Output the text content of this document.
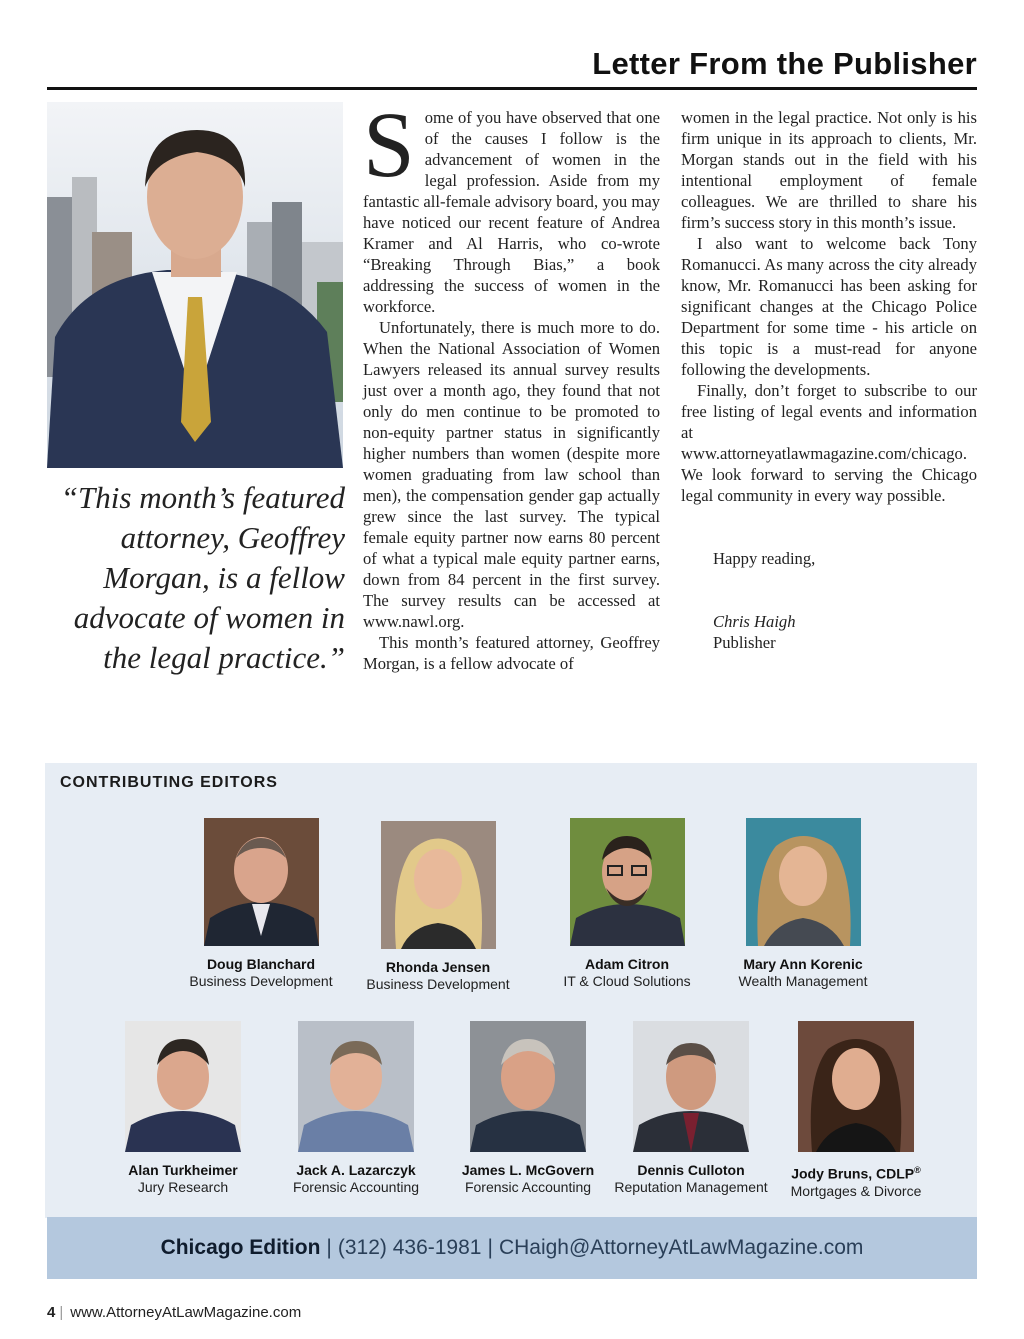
Letter From the Publisher
“This month’s featured attorney, Geoffrey Morgan, is a fellow advocate of women in the legal practice.”

Some of you have observed that one of the causes I follow is the advancement of women in the legal profession. Aside from my fantastic all-female advisory board, you may have noticed our recent feature of Andrea Kramer and Al Harris, who co-wrote “Breaking Through Bias,” a book addressing the success of women in the workforce.

Unfortunately, there is much more to do. When the National Association of Women Lawyers released its annual survey results just over a month ago, they found that not only do men continue to be promoted to non-equity partner status in significantly higher numbers than women (despite more women graduating from law school than men), the compensation gender gap actually grew since the last survey. The typical female equity partner now earns 80 percent of what a typical male equity partner earns, down from 84 percent in the first survey. The survey results can be accessed at www.nawl.org.

This month’s featured attorney, Geoffrey Morgan, is a fellow advocate of

women in the legal practice. Not only is his firm unique in its approach to clients, Mr. Morgan stands out in the field with his intentional employment of female colleagues. We are thrilled to share his firm’s success story in this month’s issue.

I also want to welcome back Tony Romanucci. As many across the city already know, Mr. Romanucci has been asking for significant changes at the Chicago Police Department for some time - his article on this topic is a must-read for anyone following the developments.

Finally, don’t forget to subscribe to our free listing of legal events and information at www.attorneyatlawmagazine.com/chicago. We look forward to serving the Chicago legal community in every way possible.

Happy reading,

Chris Haigh

Publisher

CONTRIBUTING EDITORS
Doug Blanchard
Business Development
Rhonda Jensen
Business Development
Adam Citron
IT & Cloud Solutions
Mary Ann Korenic
Wealth Management
Alan Turkheimer
Jury Research
Jack A. Lazarczyk
Forensic Accounting
James L. McGovern
Forensic Accounting
Dennis Culloton
Reputation Management
Jody Bruns, CDLP®
Mortgages & Divorce
Chicago Edition | (312) 436-1981 | CHaigh@AttorneyAtLawMagazine.com
4 | www.AttorneyAtLawMagazine.com
